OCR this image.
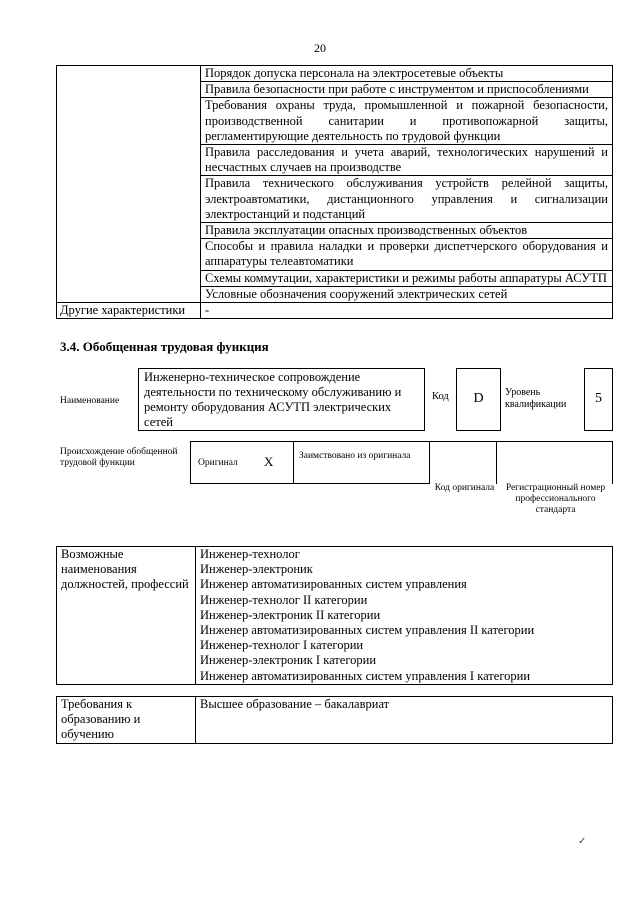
20
	Порядок допуска персонала на электросетевые объекты
	Правила безопасности при работе с инструментом и приспособлениями
	Требования охраны труда, промышленной и пожарной безопасности, производственной санитарии и противопожарной защиты, регламентирующие деятельность по трудовой функции
	Правила расследования и учета аварий, технологических нарушений и несчастных случаев на производстве
	Правила технического обслуживания устройств релейной защиты, электроавтоматики, дистанционного управления и сигнализации электростанций и подстанций
	Правила эксплуатации опасных производственных объектов
	Способы и правила наладки и проверки диспетчерского оборудования и аппаратуры телеавтоматики
	Схемы коммутации, характеристики и режимы работы аппаратуры АСУТП
	Условные обозначения сооружений электрических сетей
Другие характеристики	-
3.4. Обобщенная трудовая функция
Наименование
Инженерно-техническое сопровождение деятельности по техническому обслуживанию и ремонту оборудования АСУТП электрических сетей
Код	D	Уровень квалификации	5
Происхождение обобщенной трудовой функции	Оригинал X	Заимствовано из оригинала
Код оригинала	Регистрационный номер профессионального стандарта
Возможные наименования должностей, профессий	
Инженер-технолог
Инженер-электроник
Инженер автоматизированных систем управления
Инженер-технолог II категории
Инженер-электроник II категории
Инженер автоматизированных систем управления II категории
Инженер-технолог I категории
Инженер-электроник I категории
Инженер автоматизированных систем управления I категории
Требования к образованию и обучению	Высшее образование – бакалавриат
✓
